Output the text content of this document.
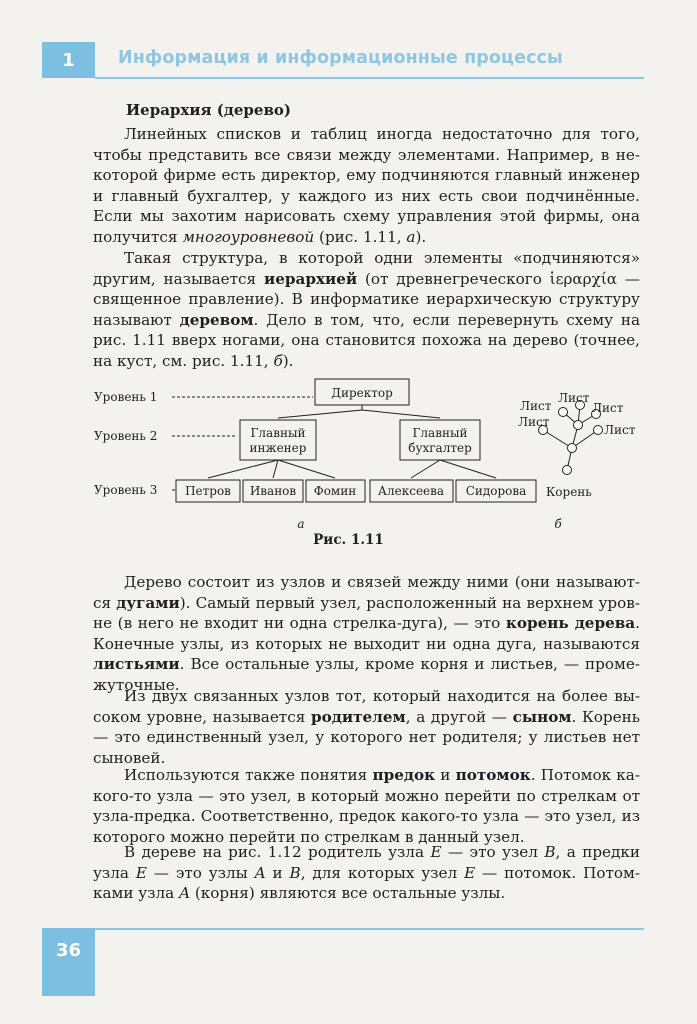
1 Информация и информационные процессы
Иерархия (дерево)

Линейных списков и таблиц иногда недостаточно для того, чтобы представить все связи между элементами. Например, в некоторой фирме есть директор, ему подчиняются главный инженер и главный бухгалтер, у каждого из них есть свои подчинённые. Если мы захотим нарисовать схему управления этой фирмы, она получится многоуровневой (рис. 1.11, а).

Такая структура, в которой одни элементы «подчиняются» другим, называется иерархией (от древнегреческого ἱεραρχία — священное правление). В информатике иерархическую структуру называют деревом. Дело в том, что, если перевернуть схему на рис. 1.11 вверх ногами, она становится похожа на дерево (точнее, на куст, см. рис. 1.11, б).

Уровень 1
Уровень 2
Уровень 3
Директор
Главный
инженер
Главный
бухгалтер
Петров Иванов Фомин Алексеева Сидорова
Лист
Лист
Лист
Лист
Лист
Корень
а	б
Рис. 1.11

Дерево состоит из узлов и связей между ними (они называются дугами). Самый первый узел, расположенный на верхнем уровне (в него не входит ни одна стрелка-дуга), — это корень дерева. Конечные узлы, из которых не выходит ни одна дуга, называются листьями. Все остальные узлы, кроме корня и листьев, — промежуточные.

Из двух связанных узлов тот, который находится на более высоком уровне, называется родителем, а другой — сыном. Корень — это единственный узел, у которого нет родителя; у листьев нет сыновей.

Используются также понятия предок и потомок. Потомок какого-то узла — это узел, в который можно перейти по стрелкам от узла-предка. Соответственно, предок какого-то узла — это узел, из которого можно перейти по стрелкам в данный узел.

В дереве на рис. 1.12 родитель узла E — это узел B, а предки узла E — это узлы A и B, для которых узел E — потомок. Потомками узла A (корня) являются все остальные узлы.

36
